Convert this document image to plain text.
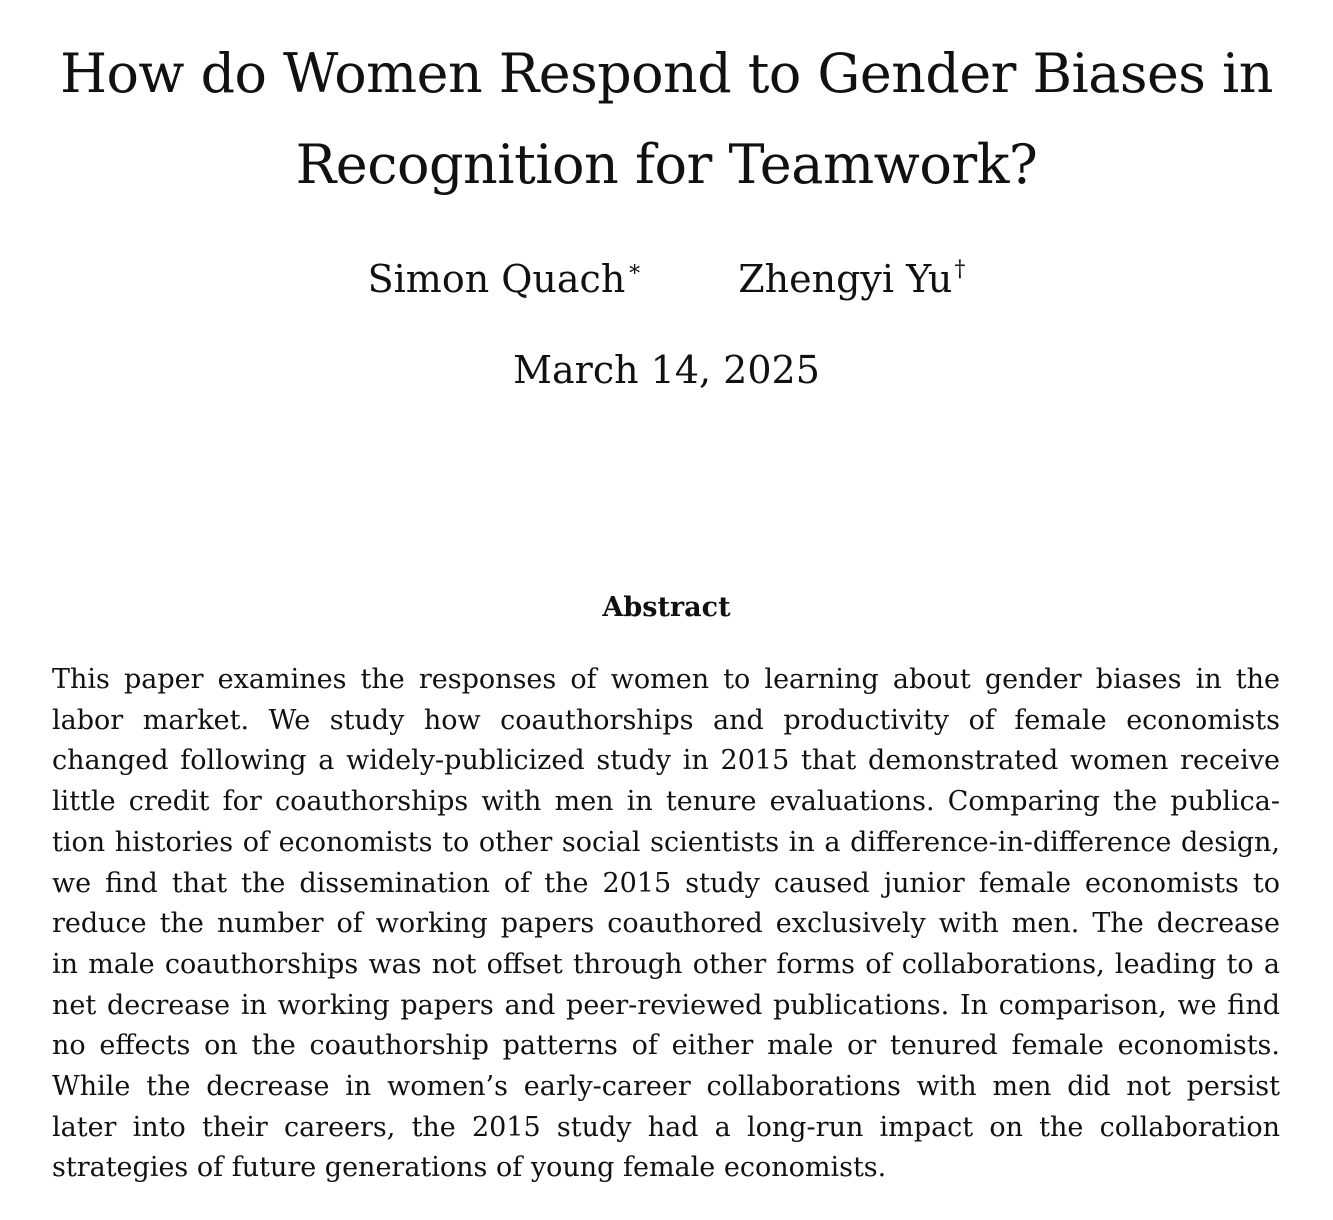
How do Women Respond to Gender Biases in
Recognition for Teamwork?
Simon Quach∗	Zhengyi Yu†
March 14, 2025
Abstract

This paper examines the responses of women to learning about gender biases in the
labor market. We study how coauthorships and productivity of female economists
changed following a widely-publicized study in 2015 that demonstrated women receive
little credit for coauthorships with men in tenure evaluations. Comparing the publica-
tion histories of economists to other social scientists in a difference-in-difference design,
we find that the dissemination of the 2015 study caused junior female economists to
reduce the number of working papers coauthored exclusively with men. The decrease
in male coauthorships was not offset through other forms of collaborations, leading to a
net decrease in working papers and peer-reviewed publications. In comparison, we find
no effects on the coauthorship patterns of either male or tenured female economists.
While the decrease in women’s early-career collaborations with men did not persist
later into their careers, the 2015 study had a long-run impact on the collaboration
strategies of future generations of young female economists.
